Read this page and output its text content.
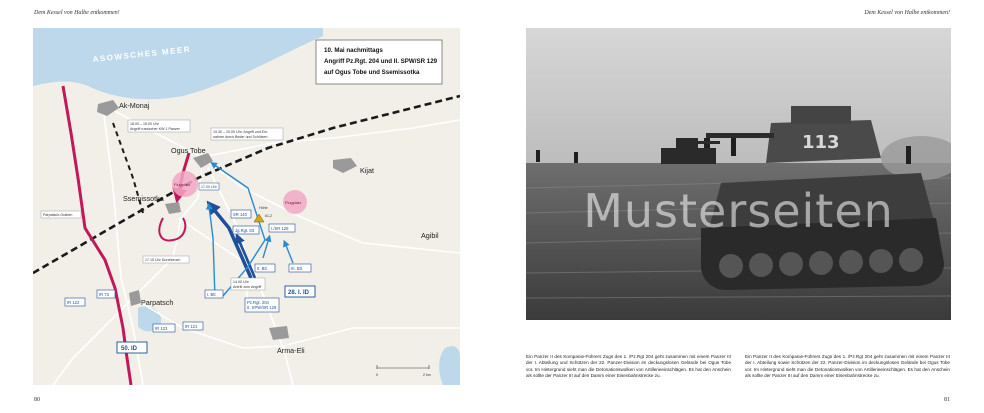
Dem Kessel von Halbe entkommen!	Dem Kessel von Halbe entkommen!
ASOWSCHES MEER
Flugplatz
Flugplatz
Höhe 61,2
10. Mai nachmittags
Angriff Pz.Rgt. 204 und II. SPW/SR 129
auf Ogus Tobe und Ssemissotka
Ak-Monaj
Ogus Tobe
Kijat
Ssemissotka
Agibil
Parpatsch
Arma-Eli
18.00 – 19.00 Uhr
Angriff russischer KW 1 Panzer
19.30 – 20.00 Uhr, Angriff und Ein-
nahme durch Beder und Schützen
Parpatsch-Graben
17.15 Uhr Durchbruch
14.00 Uhr
Antritt zum Angriff
17.00 Uhr
SR 140
Jg.Rgt. 83	I./SR 129
II. Btl.	III. Btl.
I. Btl.
Pz.Rgt. 204
II. SPW/SR 129
28. I. ID
IR 122
IR 73
IR 123	IR 121
50. ID
0	2 km
113
Musterseiten
Ein Panzer II des Kompanie-Führers Zugs des 1. /Pz.Rgt 204 geht zusammen mit einem Panzer III der I. Abteilung und Schützen der 22. Panzer-Division im deckungslosen Gelände bei Ogus Tobe vor. Im Hintergrund sieht man die Detonationswolken von Artillerieeinschlägen. Es hat den Anschein als sollte der Panzer III auf den Damm einer Eisenbahnstrecke zu.
Ein Panzer II des Kompanie-Führers Zugs des 1. /Pz.Rgt 204 geht zusammen mit einem Panzer III der I. Abteilung sowie Schützen der 22. Panzer-Division im deckungslosen Gelände bei Ogus Tobe vor. Im Hintergrund sieht man die Detonationswolken von Artillerieeinschlägen. Es hat den Anschein als sollte der Panzer III auf den Damm einer Eisenbahnstrecke zu.
80	81
